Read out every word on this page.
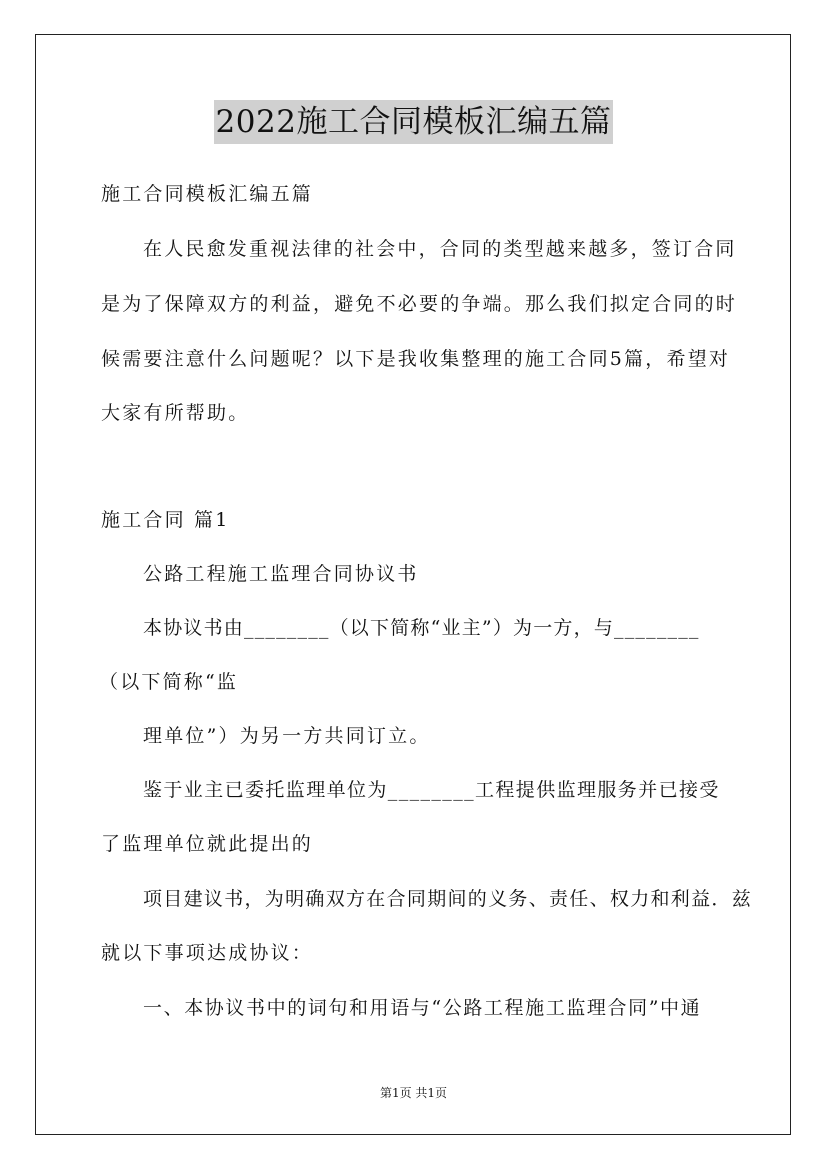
2022施工合同模板汇编五篇
施工合同模板汇编五篇
在人民愈发重视法律的社会中，合同的类型越来越多，签订合同
是为了保障双方的利益，避免不必要的争端。那么我们拟定合同的时
候需要注意什么问题呢？以下是我收集整理的施工合同5篇，希望对
大家有所帮助。
施工合同 篇1
公路工程施工监理合同协议书
本协议书由________（以下简称“业主”）为一方，与________
（以下简称“监
理单位”）为另一方共同订立。
鉴于业主已委托监理单位为________工程提供监理服务并已接受
了监理单位就此提出的
项目建议书，为明确双方在合同期间的义务、责任、权力和利益．兹
就以下事项达成协议：
一、本协议书中的词句和用语与“公路工程施工监理合同”中通
第1页 共1页
